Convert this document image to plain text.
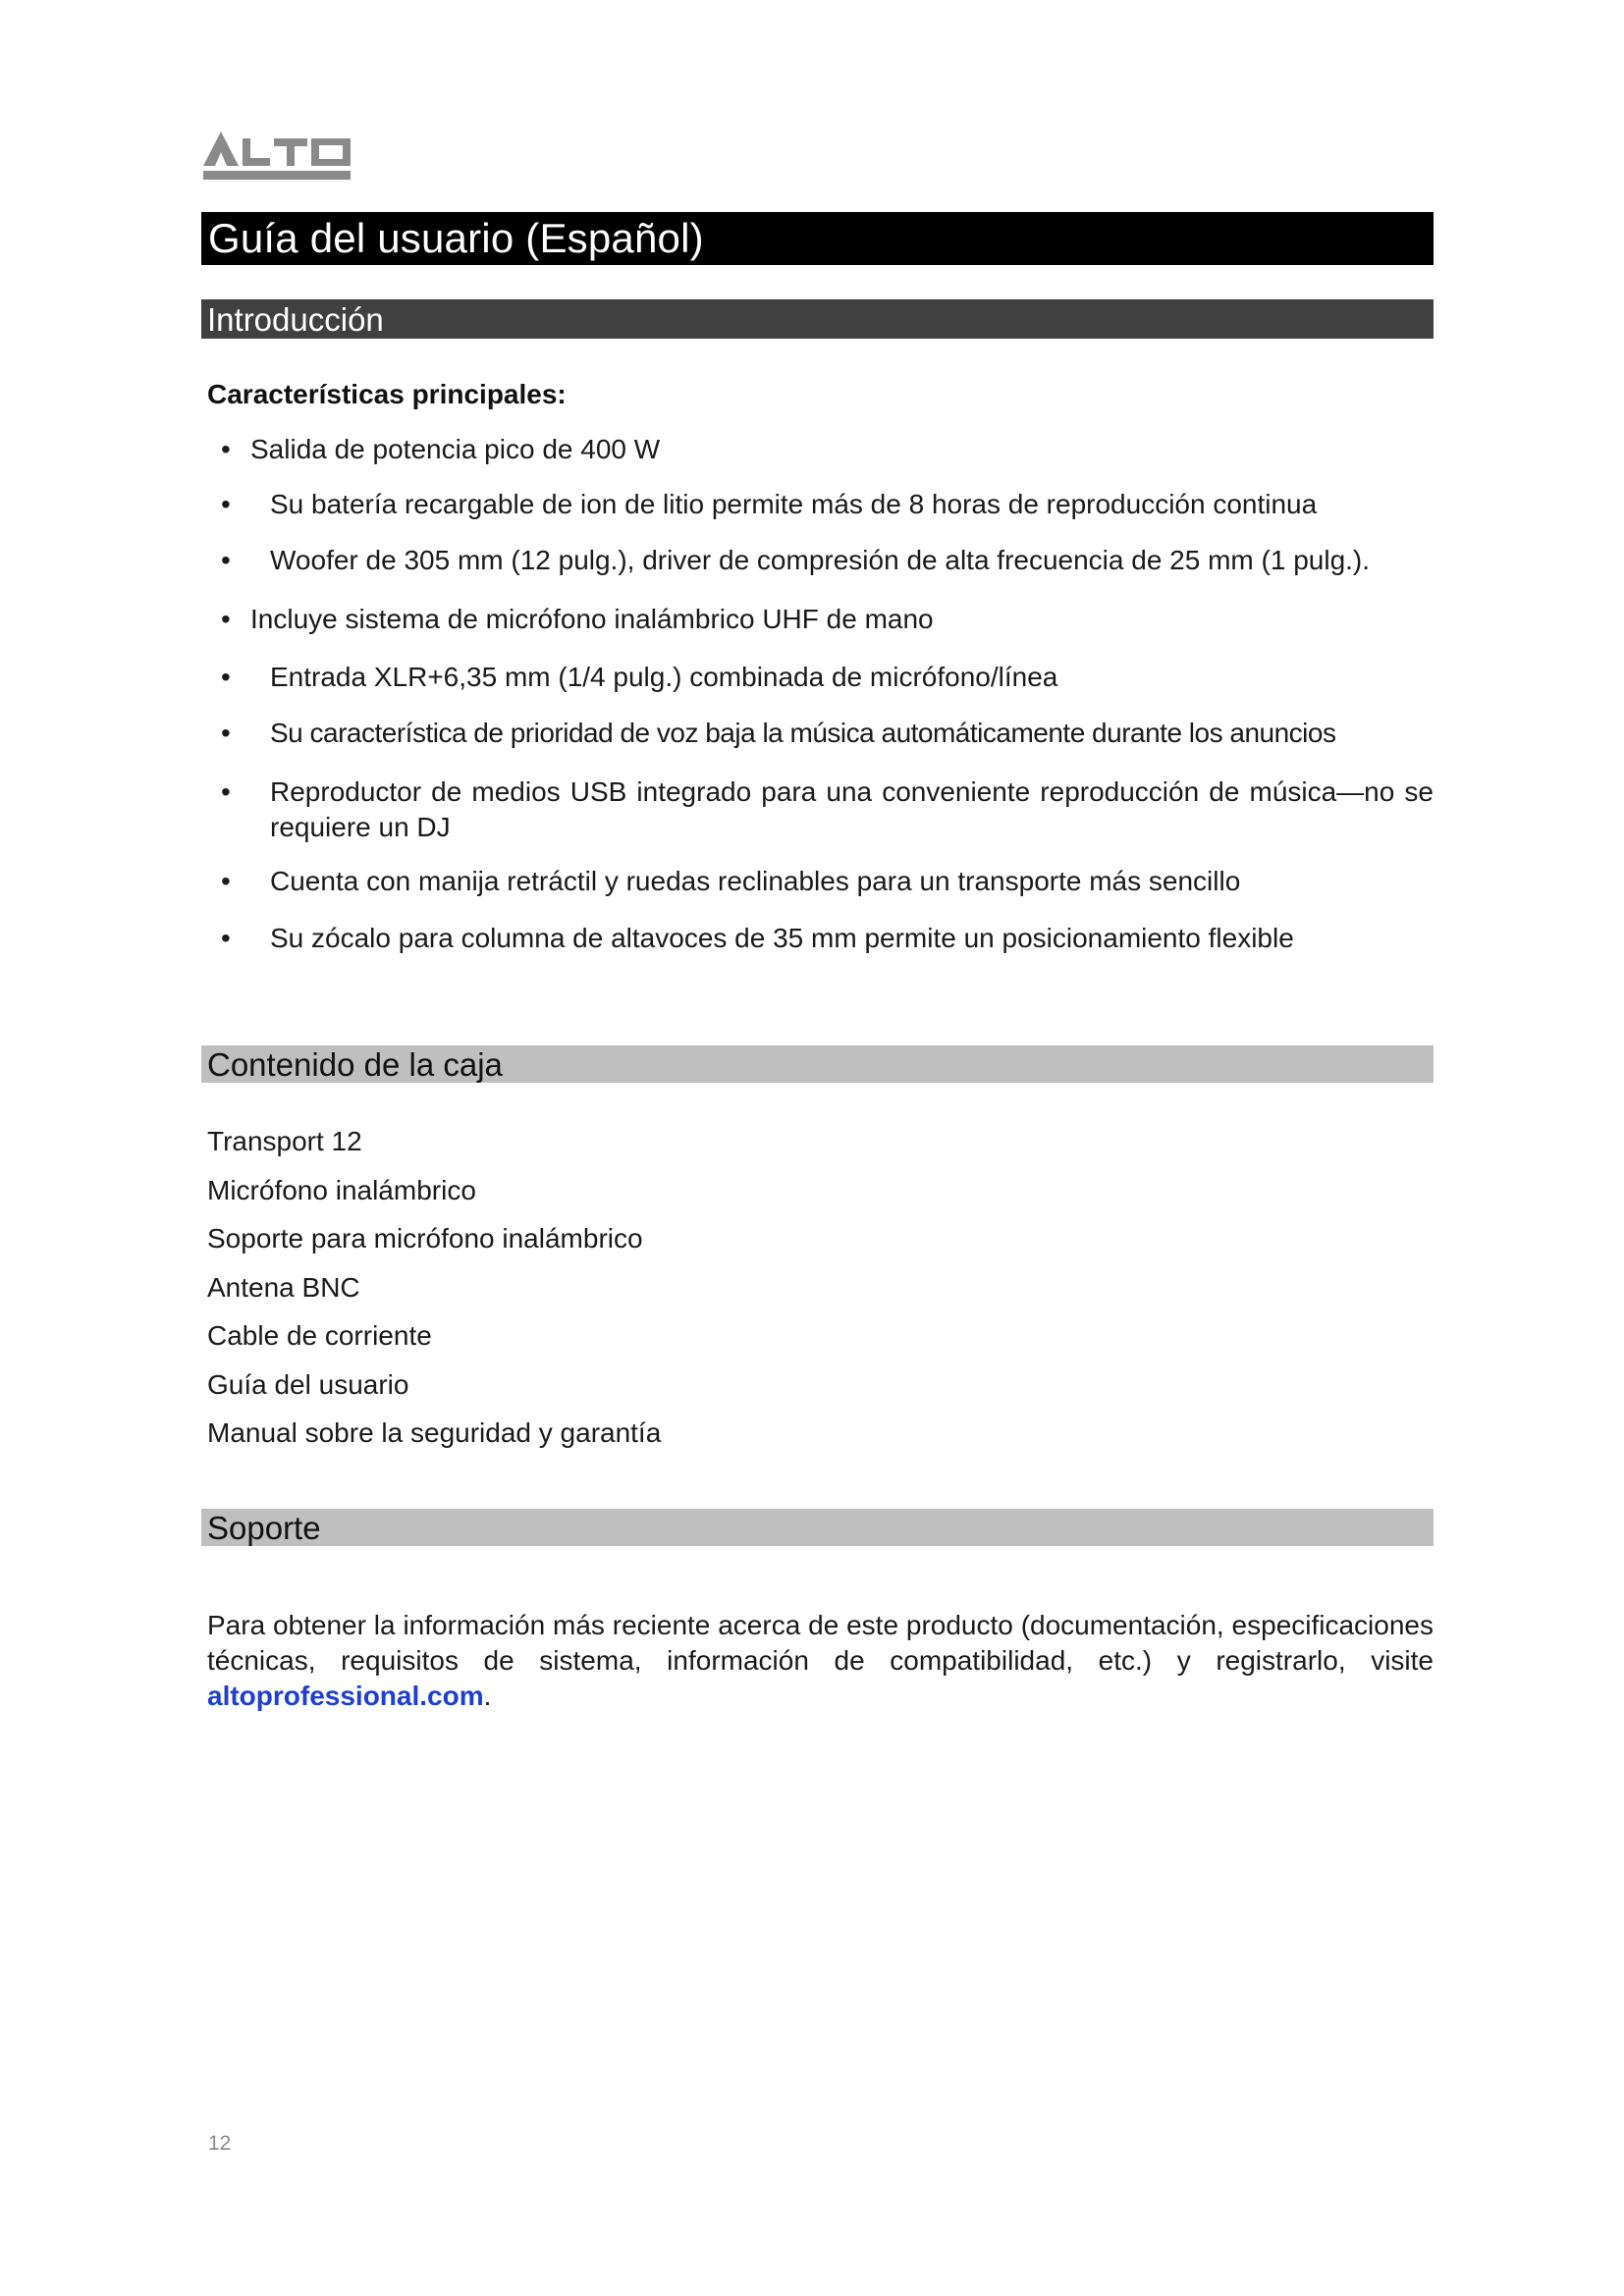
Guía del usuario (Español)
Introducción
Características principales:
• Salida de potencia pico de 400 W
• Su batería recargable de ion de litio permite más de 8 horas de reproducción continua
• Woofer de 305 mm (12 pulg.), driver de compresión de alta frecuencia de 25 mm (1 pulg.).
• Incluye sistema de micrófono inalámbrico UHF de mano
• Entrada XLR+6,35 mm (1/4 pulg.) combinada de micrófono/línea
• Su característica de prioridad de voz baja la música automáticamente durante los anuncios
• Reproductor de medios USB integrado para una conveniente reproducción de música—no se requiere un DJ
• Cuenta con manija retráctil y ruedas reclinables para un transporte más sencillo
• Su zócalo para columna de altavoces de 35 mm permite un posicionamiento flexible
Contenido de la caja
Transport 12
Micrófono inalámbrico
Soporte para micrófono inalámbrico
Antena BNC
Cable de corriente
Guía del usuario
Manual sobre la seguridad y garantía
Soporte

Para obtener la información más reciente acerca de este producto (documentación, especificaciones técnicas, requisitos de sistema, información de compatibilidad, etc.) y registrarlo, visite altoprofessional.com.

12
